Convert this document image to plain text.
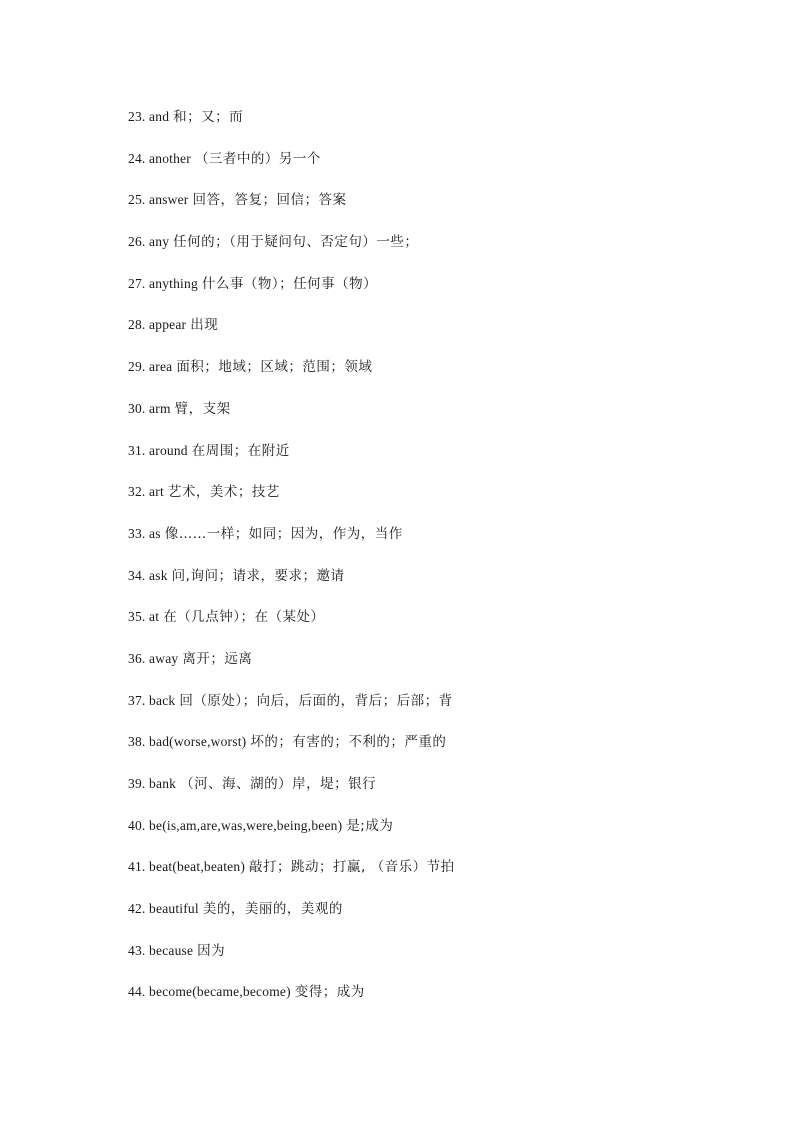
23. and 和；又；而
24. another （三者中的）另一个
25. answer 回答，答复；回信；答案
26. any 任何的；（用于疑问句、否定句）一些；
27. anything 什么事（物）；任何事（物）
28. appear 出现
29. area 面积；地域；区域；范围；领域
30. arm 臂，支架
31. around 在周围；在附近
32. art 艺术，美术；技艺
33. as 像……一样；如同；因为，作为，当作
34. ask 问,询问；请求，要求；邀请
35. at 在（几点钟）；在（某处）
36. away 离开；远离
37. back 回（原处）；向后，后面的，背后；后部；背
38. bad(worse,worst) 坏的；有害的；不利的；严重的
39. bank （河、海、湖的）岸，堤；银行
40. be(is,am,are,was,were,being,been) 是;成为
41. beat(beat,beaten) 敲打；跳动；打赢, （音乐）节拍
42. beautiful 美的，美丽的，美观的
43. because 因为
44. become(became,become) 变得；成为
